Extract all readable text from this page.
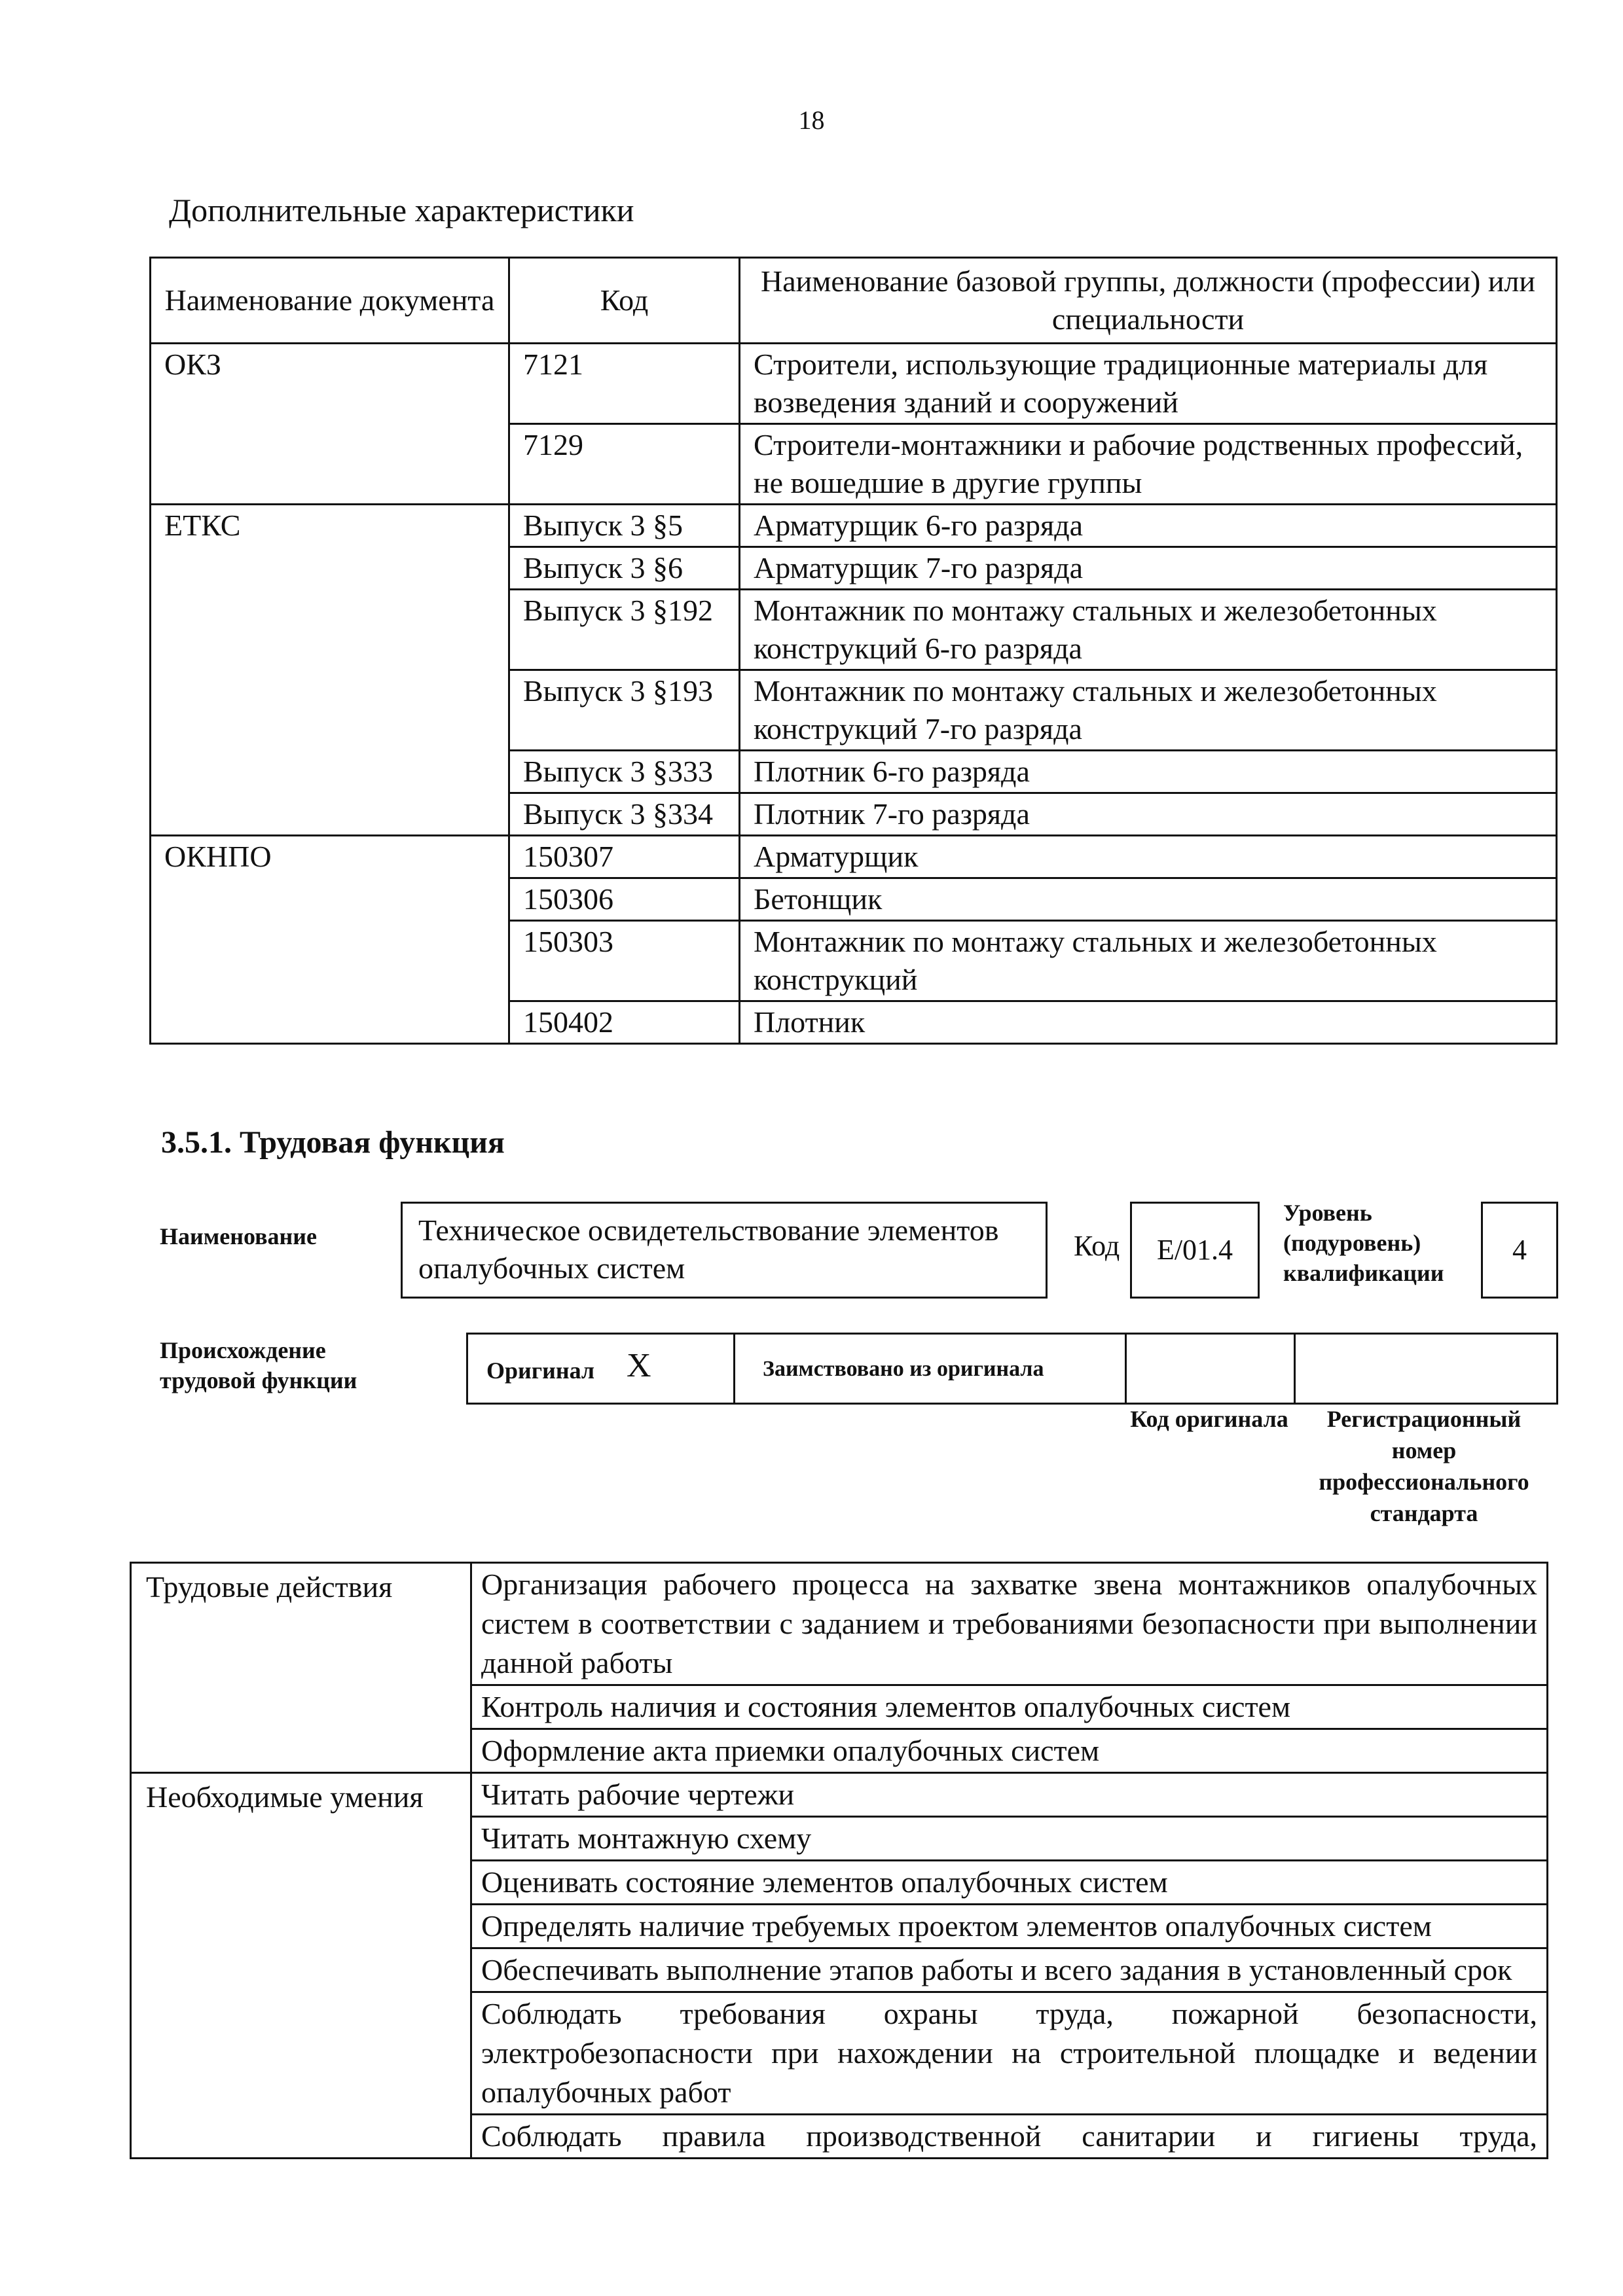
18
Дополнительные характеристики
Наименование документа	Код	Наименование базовой группы, должности (профессии) или специальности
ОКЗ	7121	Строители, использующие традиционные материалы для возведения зданий и сооружений
	7129	Строители-монтажники и рабочие родственных профессий, не вошедшие в другие группы
ЕТКС	Выпуск 3 §5	Арматурщик 6-го разряда
	Выпуск 3 §6	Арматурщик 7-го разряда
	Выпуск 3 §192	Монтажник по монтажу стальных и железобетонных конструкций 6-го разряда
	Выпуск 3 §193	Монтажник по монтажу стальных и железобетонных конструкций 7-го разряда
	Выпуск 3 §333	Плотник 6-го разряда
	Выпуск 3 §334	Плотник 7-го разряда
ОКНПО	150307	Арматурщик
	150306	Бетонщик
	150303	Монтажник по монтажу стальных и железобетонных конструкций
	150402	Плотник
3.5.1. Трудовая функция
Наименование	Техническое освидетельствование элементов опалубочных систем
Код	Е/01.4
Уровень (подуровень) квалификации
4
Происхождение трудовой функции	Оригинал X	Заимствовано из оригинала
Код оригинала	Регистрационный номер профессионального стандарта
Трудовые действия	Организация рабочего процесса на захватке звена монтажников опалубочных систем в соответствии с заданием и требованиями безопасности при выполнении данной работы
	Контроль наличия и состояния элементов опалубочных систем
	Оформление акта приемки опалубочных систем
Необходимые умения	Читать рабочие чертежи
	Читать монтажную схему
	Оценивать состояние элементов опалубочных систем
	Определять наличие требуемых проектом элементов опалубочных систем
	Обеспечивать выполнение этапов работы и всего задания в установленный срок
	Соблюдать требования охраны труда, пожарной безопасности, электробезопасности при нахождении на строительной площадке и ведении опалубочных работ
	Соблюдать правила производственной санитарии и гигиены труда,
